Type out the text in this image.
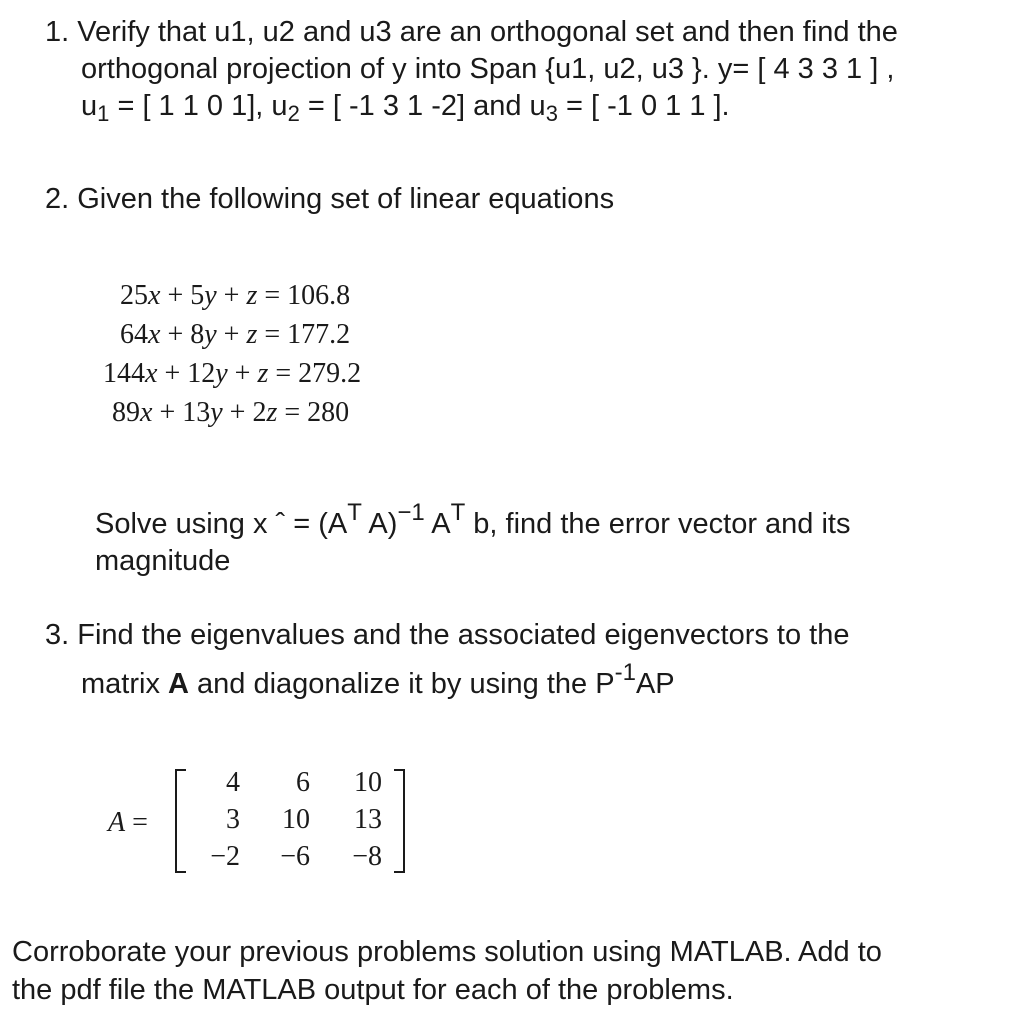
1. Verify that u1, u2 and u3 are an orthogonal set and then find the
orthogonal projection of y into Span {u1, u2, u3 }. y= [ 4 3 3 1 ] ,
$u_1$ = [ 1 1 0 1], $u_2$ = [ -1 3 1 -2] and $u_3$ = [ -1 0 1 1 ].
2. Given the following set of linear equations
25x + 5y + z = 106.8
64x + 8y + z = 177.2
144x + 12y + z = 279.2
89x + 13y + 2z = 280
Solve using x ˆ = ($A^T$ A)$^{-1}$ $A^T$ b, find the error vector and its
magnitude
3. Find the eigenvalues and the associated eigenvectors to the
matrix A and diagonalize it by using the $P^{-1}AP$
A =
4	6	10
3	10	13
−2	−6	−8
Corroborate your previous problems solution using MATLAB. Add to
the pdf file the MATLAB output for each of the problems.
